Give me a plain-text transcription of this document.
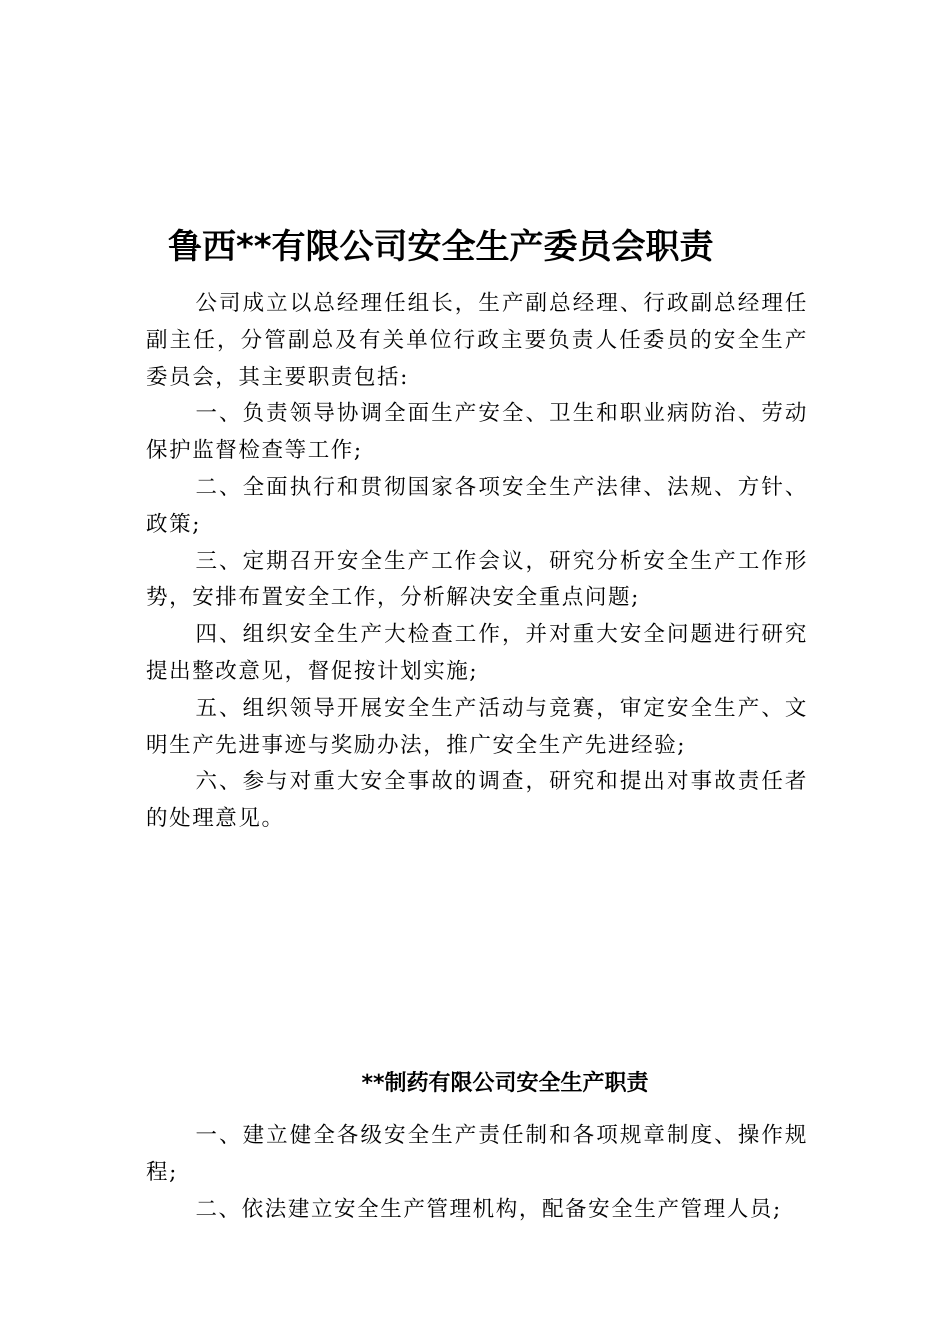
鲁西**有限公司安全生产委员会职责

公司成立以总经理任组长，生产副总经理、行政副总经理任副主任，分管副总及有关单位行政主要负责人任委员的安全生产委员会，其主要职责包括:

一、负责领导协调全面生产安全、卫生和职业病防治、劳动保护监督检查等工作;

二、全面执行和贯彻国家各项安全生产法律、法规、方针、政策;

三、定期召开安全生产工作会议，研究分析安全生产工作形势，安排布置安全工作，分析解决安全重点问题;

四、组织安全生产大检查工作，并对重大安全问题进行研究提出整改意见，督促按计划实施;

五、组织领导开展安全生产活动与竞赛，审定安全生产、文明生产先进事迹与奖励办法，推广安全生产先进经验;

六、参与对重大安全事故的调查，研究和提出对事故责任者的处理意见。

**制药有限公司安全生产职责

一、建立健全各级安全生产责任制和各项规章制度、操作规程;

二、依法建立安全生产管理机构，配备安全生产管理人员;
